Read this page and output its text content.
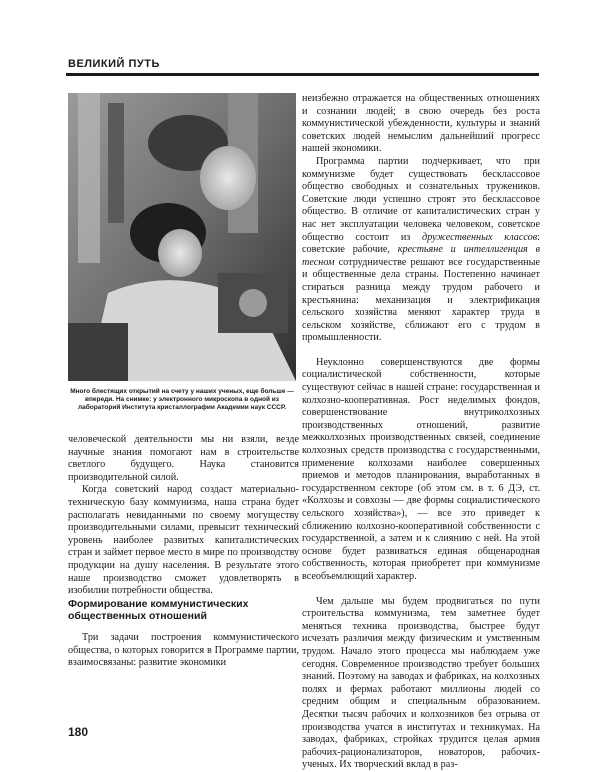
ВЕЛИКИЙ ПУТЬ
Много блестящих открытий на счету у наших ученых, еще больше — впереди. На снимке: у электронного микроскопа в одной из лабораторий Института кристаллографии Академии наук СССР.

неизбежно отражается на общественных отношениях и сознании людей; в свою очередь без роста коммунистической убежденности, культуры и знаний советских людей немыслим дальнейший прогресс нашей экономики.

Программа партии подчеркивает, что при коммунизме будет существовать бесклассовое общество свободных и сознательных тружеников. Советские люди успешно строят это бесклассовое общество. В отличие от капиталистических стран у нас нет эксплуатации человека человеком, советское общество состоит из дружественных классов: советские рабочие, крестьяне и интеллигенция в тесном сотрудничестве решают все государственные и общественные дела страны. Постепенно начинает стираться разница между трудом рабочего и крестьянина: механизация и электрификация сельского хозяйства меняют характер труда в сельском хозяйстве, сближают его с трудом в промышленности.

Неуклонно совершенствуются две формы социалистической собственности, которые существуют сейчас в нашей стране: государственная и колхозно-кооперативная. Рост неделимых фондов, совершенствование внутриколхозных производственных отношений, развитие межколхозных производственных связей, соединение колхозных средств производства с государственными, применение колхозами наиболее совершенных приемов и методов планирования, выработанных в государственном секторе (об этом см. в т. 6 ДЭ, ст. «Колхозы и совхозы — две формы социалистического сельского хозяйства»), — все это приведет к сближению колхозно-кооперативной собственности с государственной, а затем и к слиянию с ней. На этой основе будет развиваться единая общенародная собственность, которая приобретет при коммунизме всеобъемлющий характер.

Чем дальше мы будем продвигаться по пути строительства коммунизма, тем заметнее будет меняться техника производства, быстрее будут исчезать различия между физическим и умственным трудом. Начало этого процесса мы наблюдаем уже сегодня. Современное производство требует больших знаний. Поэтому на заводах и фабриках, на колхозных полях и фермах работают миллионы людей со средним общим и специальным образованием. Десятки тысяч рабочих и колхозников без отрыва от производства учатся в институтах и техникумах. На заводах, фабриках, стройках трудится целая армия рабочих-рационализаторов, новаторов, рабочих-ученых. Их творческий вклад в раз-

человеческой деятельности мы ни взяли, везде научные знания помогают нам в строительстве светлого будущего. Наука становится производительной силой.

Когда советский народ создаст материально-техническую базу коммунизма, наша страна будет располагать невиданными по своему могуществу производительными силами, превысит технический уровень наиболее развитых капиталистических стран и займет первое место в мире по производству продукции на душу населения. В результате этого наше производство сможет удовлетворять в изобилии потребности общества.

Формирование коммунистических общественных отношений

Три задачи построения коммунистического общества, о которых говорится в Программе партии, взаимосвязаны: развитие экономики

180
